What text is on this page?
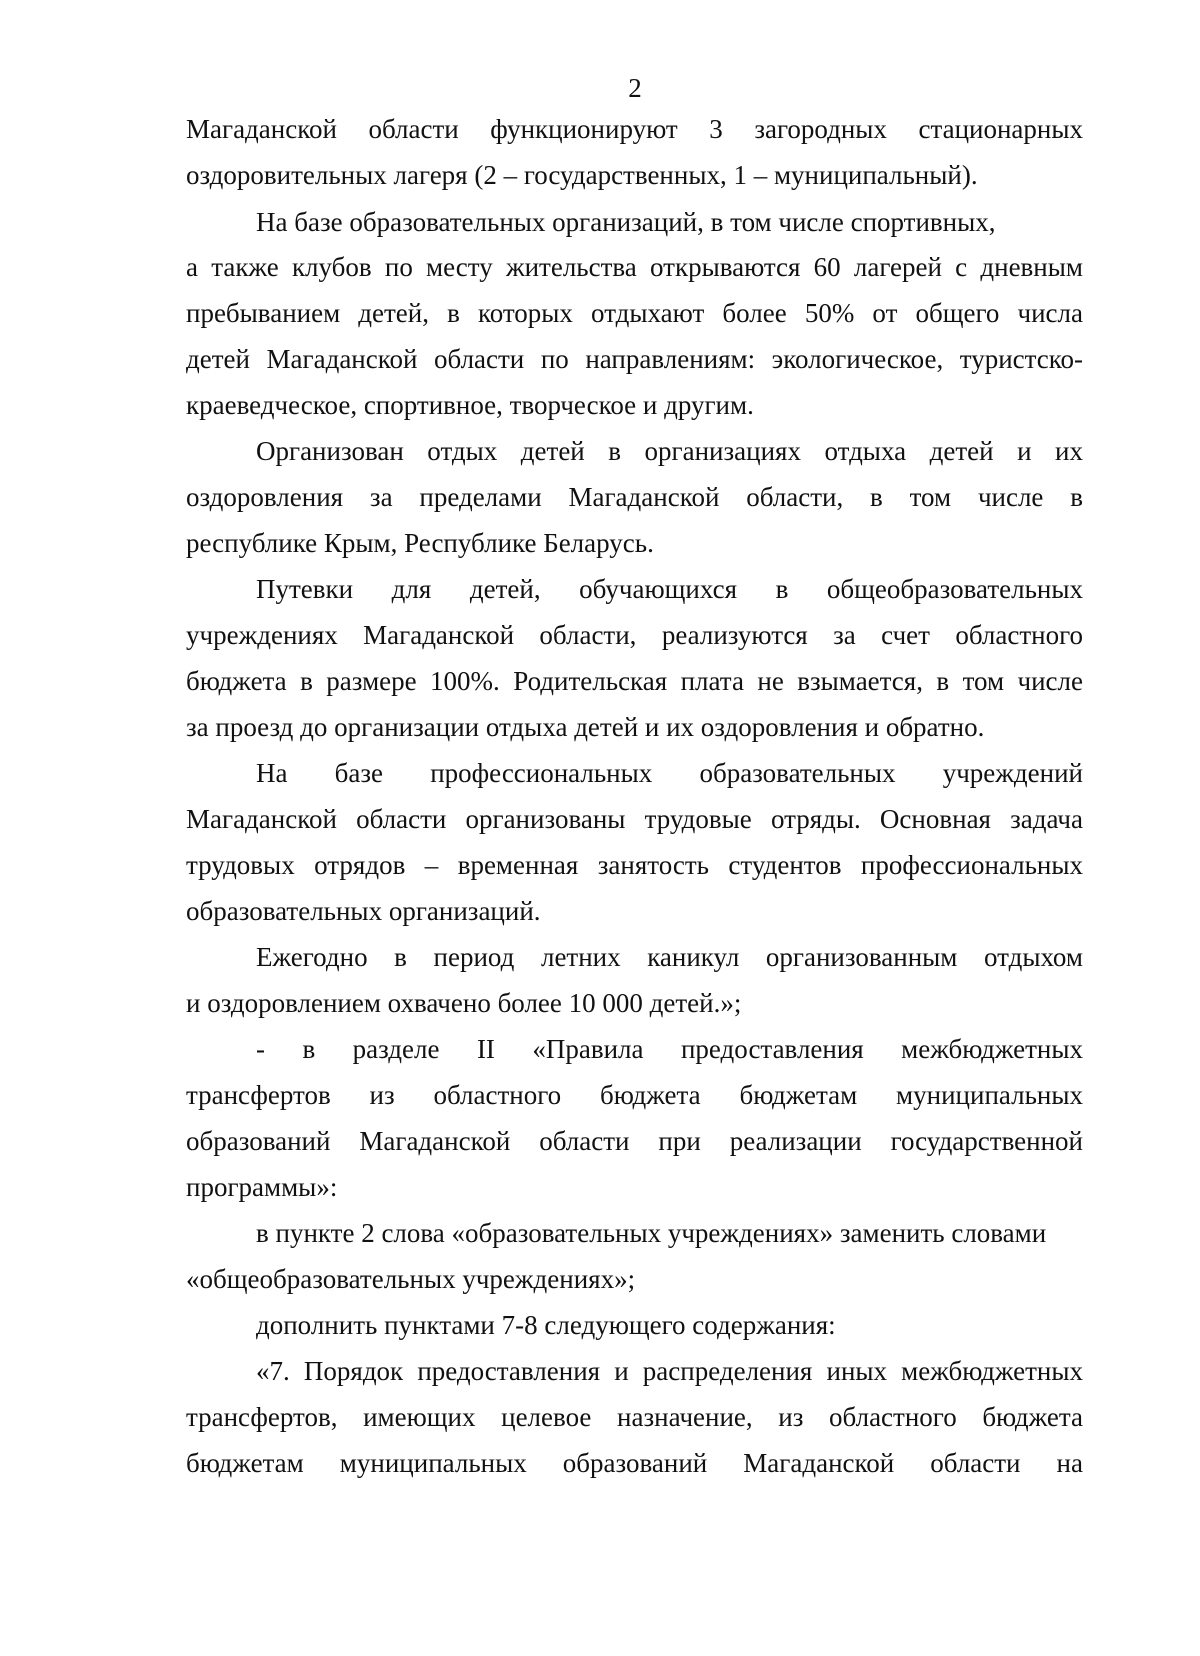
2
Магаданской области функционируют 3 загородных стационарных
оздоровительных лагеря (2 – государственных, 1 – муниципальный).
На базе образовательных организаций, в том числе спортивных,
а также клубов по месту жительства открываются 60 лагерей с дневным
пребыванием детей, в которых отдыхают более 50% от общего числа
детей Магаданской области по направлениям: экологическое, туристско-
краеведческое, спортивное, творческое и другим.
Организован отдых детей в организациях отдыха детей и их
оздоровления за пределами Магаданской области, в том числе в
республике Крым, Республике Беларусь.
Путевки для детей, обучающихся в общеобразовательных
учреждениях Магаданской области, реализуются за счет областного
бюджета в размере 100%. Родительская плата не взымается, в том числе
за проезд до организации отдыха детей и их оздоровления и обратно.
На базе профессиональных образовательных учреждений
Магаданской области организованы трудовые отряды. Основная задача
трудовых отрядов – временная занятость студентов профессиональных
образовательных организаций.
Ежегодно в период летних каникул организованным отдыхом
и оздоровлением охвачено более 10 000 детей.»;
- в разделе II «Правила предоставления межбюджетных
трансфертов из областного бюджета бюджетам муниципальных
образований Магаданской области при реализации государственной
программы»:
в пункте 2 слова «образовательных учреждениях» заменить словами
«общеобразовательных учреждениях»;
дополнить пунктами 7-8 следующего содержания:
«7. Порядок предоставления и распределения иных межбюджетных
трансфертов, имеющих целевое назначение, из областного бюджета
бюджетам муниципальных образований Магаданской области на
